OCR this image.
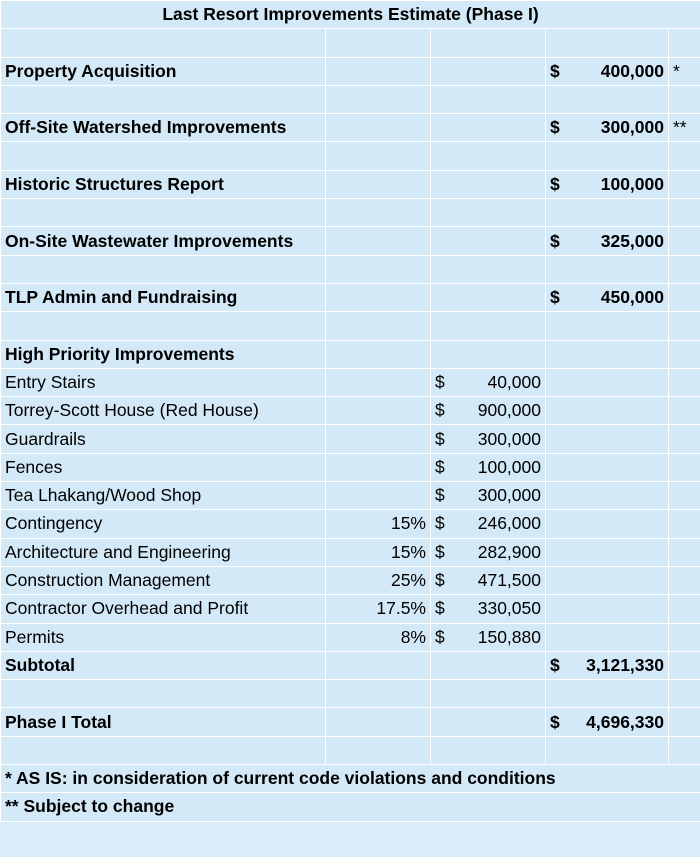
Last Resort Improvements Estimate (Phase I)				

Property Acquisition			$ 400,000	*

Off-Site Watershed Improvements			$ 300,000	**

Historic Structures Report			$ 100,000	

On-Site Wastewater Improvements			$ 325,000	

TLP Admin and Fundraising			$ 450,000	

High Priority Improvements				
Entry Stairs		$ 40,000		

Torrey-Scott House (Red House)		$ 900,000		

Guardrails		$ 300,000		

Fences		$ 100,000		

Tea Lhakang/Wood Shop		$ 300,000		

Contingency	15%	$ 246,000		

Architecture and Engineering	15%	$ 282,900		

Construction Management	25%	$ 471,500		

Contractor Overhead and Profit	17.5%	$ 330,050		

Permits	8%	$ 150,880		

Subtotal			$ 3,121,330	

Phase I Total			$ 4,696,330	

* AS IS: in consideration of current code violations and conditions				
** Subject to change				
